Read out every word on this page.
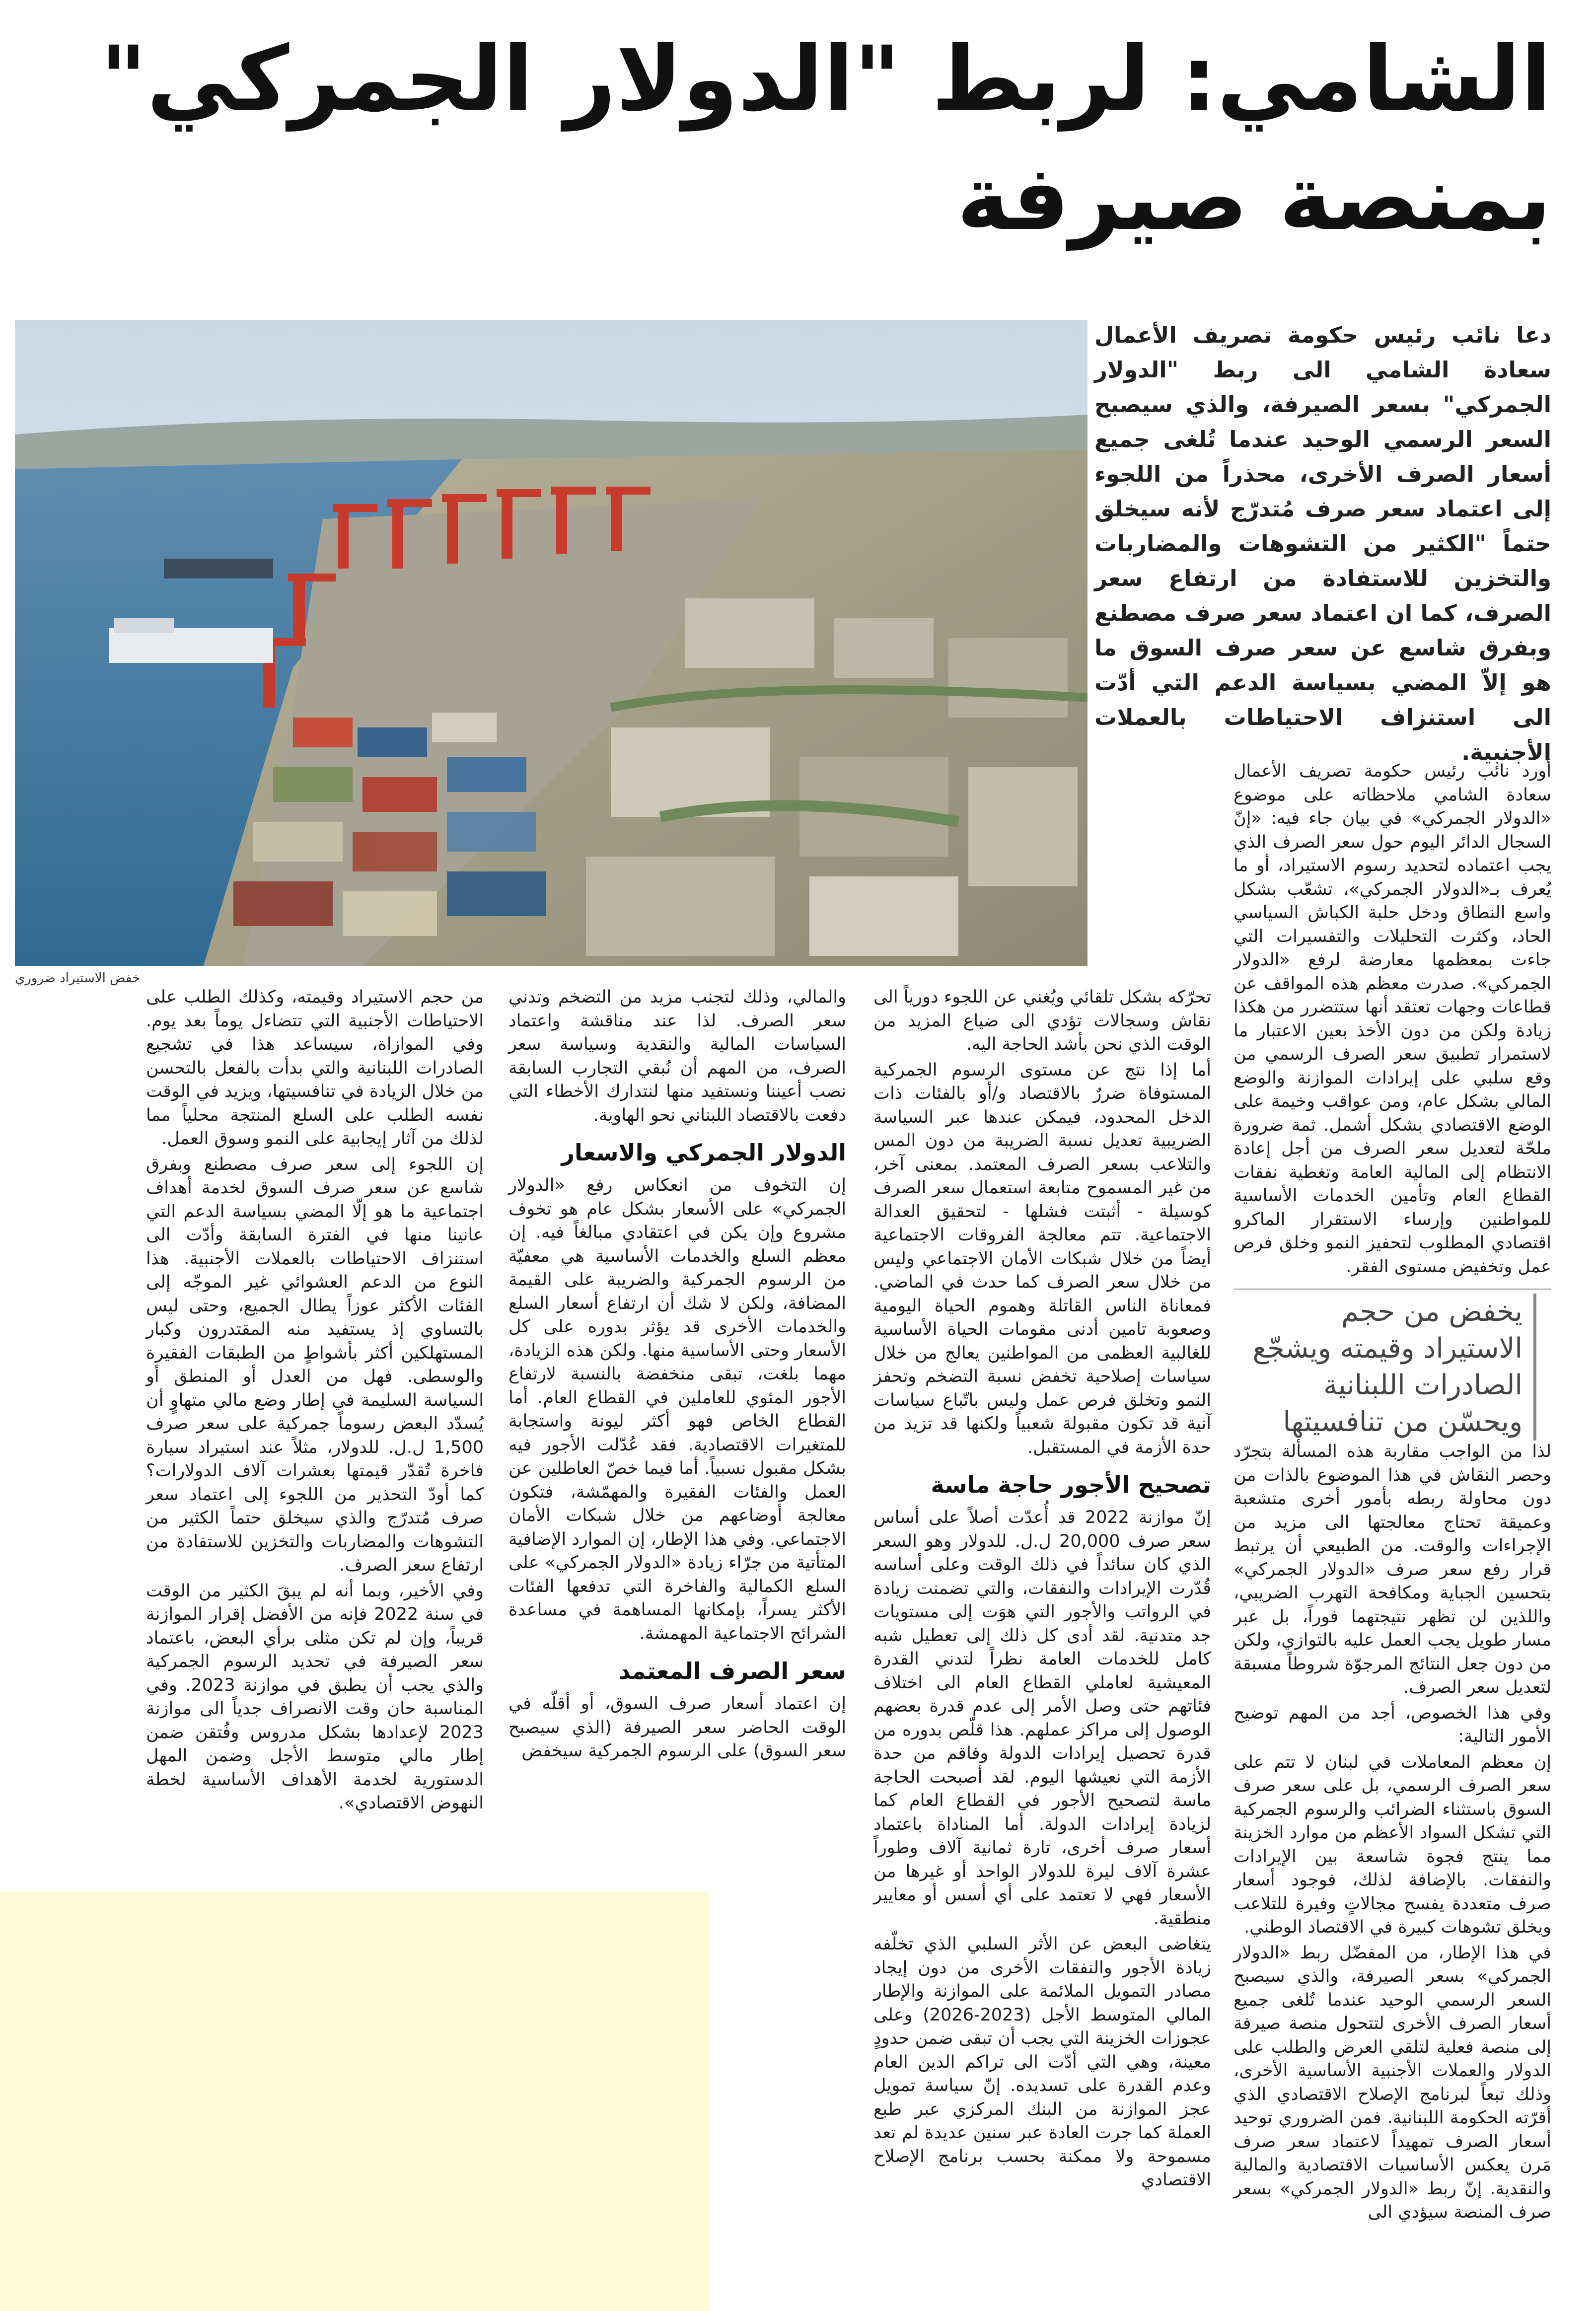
الشامي: لربط "الدولار الجمركي"
بمنصة صيرفة
دعا نائب رئيس حكومة تصريف الأعمال سعادة الشامي الى ربط "الدولار الجمركي" بسعر الصيرفة، والذي سيصبح السعر الرسمي الوحيد عندما تُلغى جميع أسعار الصرف الأخرى، محذراً من اللجوء إلى اعتماد سعر صرف مُتدرّج لأنه سيخلق حتماً "الكثير من التشوهات والمضاربات والتخزين للاستفادة من ارتفاع سعر الصرف، كما ان اعتماد سعر صرف مصطنع وبفرق شاسع عن سعر صرف السوق ما هو إلاّ المضي بسياسة الدعم التي أدّت الى استنزاف الاحتياطات بالعملات الأجنبية.
خفض الاستيراد ضروري

أورد نائب رئيس حكومة تصريف الأعمال سعادة الشامي ملاحظاته على موضوع «الدولار الجمركي» في بيان جاء فيه: «إنّ السجال الدائر اليوم حول سعر الصرف الذي يجب اعتماده لتحديد رسوم الاستيراد، أو ما يُعرف بـ«الدولار الجمركي»، تشعّب بشكل واسع النطاق ودخل حلبة الكباش السياسي الحاد، وكثرت التحليلات والتفسيرات التي جاءت بمعظمها معارضة لرفع «الدولار الجمركي». صدرت معظم هذه المواقف عن قطاعات وجهات تعتقد أنها ستتضرر من هكذا زيادة ولكن من دون الأخذ بعين الاعتبار ما لاستمرار تطبيق سعر الصرف الرسمي من وقع سلبي على إيرادات الموازنة والوضع المالي بشكل عام، ومن عواقب وخيمة على الوضع الاقتصادي بشكل أشمل. ثمة ضرورة ملحّة لتعديل سعر الصرف من أجل إعادة الانتظام إلى المالية العامة وتغطية نفقات القطاع العام وتأمين الخدمات الأساسية للمواطنين وإرساء الاستقرار الماكرو اقتصادي المطلوب لتحفيز النمو وخلق فرص عمل وتخفيض مستوى الفقر.

يخفض من حجم الاستيراد وقيمته ويشجّع الصادرات اللبنانية ويحسّن من تنافسيتها

لذا من الواجب مقاربة هذه المسألة بتجرّد وحصر النقاش في هذا الموضوع بالذات من دون محاولة ربطه بأمور أخرى متشعبة وعميقة تحتاج معالجتها الى مزيد من الإجراءات والوقت. من الطبيعي أن يرتبط قرار رفع سعر صرف «الدولار الجمركي» بتحسين الجباية ومكافحة التهرب الضريبي، واللذين لن تظهر نتيجتهما فوراً، بل عبر مسار طويل يجب العمل عليه بالتوازي، ولكن من دون جعل النتائج المرجوّة شروطاً مسبقة لتعديل سعر الصرف.

وفي هذا الخصوص، أجد من المهم توضيح الأمور التالية:

إن معظم المعاملات في لبنان لا تتم على سعر الصرف الرسمي، بل على سعر صرف السوق باستثناء الضرائب والرسوم الجمركية التي تشكل السواد الأعظم من موارد الخزينة مما ينتج فجوة شاسعة بين الإيرادات والنفقات. بالإضافة لذلك، فوجود أسعار صرف متعددة يفسح مجالاتٍ وفيرة للتلاعب ويخلق تشوهات كبيرة في الاقتصاد الوطني.

في هذا الإطار، من المفضّل ربط «الدولار الجمركي» بسعر الصيرفة، والذي سيصبح السعر الرسمي الوحيد عندما تُلغى جميع أسعار الصرف الأخرى لتتحول منصة صيرفة إلى منصة فعلية لتلقي العرض والطلب على الدولار والعملات الأجنبية الأساسية الأخرى، وذلك تبعاً لبرنامج الإصلاح الاقتصادي الذي أقرّته الحكومة اللبنانية. فمن الضروري توحيد أسعار الصرف تمهيداً لاعتماد سعر صرف مَرن يعكس الأساسيات الاقتصادية والمالية والنقدية. إنّ ربط «الدولار الجمركي» بسعر صرف المنصة سيؤدي الى

تحرّكه بشكل تلقائي ويُغني عن اللجوء دورياً الى نقاش وسجالات تؤدي الى ضياع المزيد من الوقت الذي نحن بأشد الحاجة اليه.

أما إذا نتج عن مستوى الرسوم الجمركية المستوفاة ضررٌ بالاقتصاد و/أو بالفئات ذات الدخل المحدود، فيمكن عندها عبر السياسة الضريبية تعديل نسبة الضريبة من دون المس والتلاعب بسعر الصرف المعتمد. بمعنى آخر، من غير المسموح متابعة استعمال سعر الصرف كوسيلة - أثبتت فشلها - لتحقيق العدالة الاجتماعية. تتم معالجة الفروقات الاجتماعية أيضاً من خلال شبكات الأمان الاجتماعي وليس من خلال سعر الصرف كما حدث في الماضي. فمعاناة الناس القاتلة وهموم الحياة اليومية وصعوبة تامين أدنى مقومات الحياة الأساسية للغالبية العظمى من المواطنين يعالج من خلال سياسات إصلاحية تخفض نسبة التضخم وتحفز النمو وتخلق فرص عمل وليس باتّباع سياسات آنية قد تكون مقبولة شعبياً ولكنها قد تزيد من حدة الأزمة في المستقبل.

تصحيح الأجور حاجة ماسة

إنّ موازنة 2022 قد أُعدّت أصلاً على أساس سعر صرف 20,000 ل.ل. للدولار وهو السعر الذي كان سائداً في ذلك الوقت وعلى أساسه قُدّرت الإيرادات والنفقات، والتي تضمنت زيادة في الرواتب والأجور التي هوَت إلى مستويات جد متدنية. لقد أدى كل ذلك إلى تعطيل شبه كامل للخدمات العامة نظراً لتدني القدرة المعيشية لعاملي القطاع العام الى اختلاف فئاتهم حتى وصل الأمر إلى عدم قدرة بعضهم الوصول إلى مراكز عملهم. هذا قلّص بدوره من قدرة تحصيل إيرادات الدولة وفاقم من حدة الأزمة التي نعيشها اليوم. لقد أصبحت الحاجة ماسة لتصحيح الأجور في القطاع العام كما لزيادة إيرادات الدولة. أما المناداة باعتماد أسعار صرف أخرى، تارة ثمانية آلاف وطوراً عشرة آلاف ليرة للدولار الواحد أو غيرها من الأسعار فهي لا تعتمد على أي أسس أو معايير منطقية.

يتغاضى البعض عن الأثر السلبي الذي تخلّفه زيادة الأجور والنفقات الأخرى من دون إيجاد مصادر التمويل الملائمة على الموازنة والإطار المالي المتوسط الأجل (2023-2026) وعلى عجوزات الخزينة التي يجب أن تبقى ضمن حدودٍ معينة، وهي التي أدّت الى تراكم الدين العام وعدم القدرة على تسديده. إنّ سياسة تمويل عجز الموازنة من البنك المركزي عبر طبع العملة كما جرت العادة عبر سنين عديدة لم تعد مسموحة ولا ممكنة بحسب برنامج الإصلاح الاقتصادي

والمالي، وذلك لتجنب مزيد من التضخم وتدني سعر الصرف. لذا عند مناقشة واعتماد السياسات المالية والنقدية وسياسة سعر الصرف، من المهم أن نُبقي التجارب السابقة نصب أعيننا ونستفيد منها لنتدارك الأخطاء التي دفعت بالاقتصاد اللبناني نحو الهاوية.

الدولار الجمركي والاسعار

إن التخوف من انعكاس رفع «الدولار الجمركي» على الأسعار بشكل عام هو تخوف مشروع وإن يكن في اعتقادي مبالغاً فيه. إن معظم السلع والخدمات الأساسية هي معفيّة من الرسوم الجمركية والضريبة على القيمة المضافة، ولكن لا شك أن ارتفاع أسعار السلع والخدمات الأخرى قد يؤثر بدوره على كل الأسعار وحتى الأساسية منها. ولكن هذه الزيادة، مهما بلغت، تبقى منخفضة بالنسبة لارتفاع الأجور المئوي للعاملين في القطاع العام. أما القطاع الخاص فهو أكثر ليونة واستجابة للمتغيرات الاقتصادية. فقد عُدّلت الأجور فيه بشكل مقبول نسبياً. أما فيما خصّ العاطلين عن العمل والفئات الفقيرة والمهمّشة، فتكون معالجة أوضاعهم من خلال شبكات الأمان الاجتماعي. وفي هذا الإطار، إن الموارد الإضافية المتأتية من جرّاء زيادة «الدولار الجمركي» على السلع الكمالية والفاخرة التي تدفعها الفئات الأكثر يسراً، بإمكانها المساهمة في مساعدة الشرائح الاجتماعية المهمشة.

سعر الصرف المعتمد

إن اعتماد أسعار صرف السوق، أو أقلّه في الوقت الحاضر سعر الصيرفة (الذي سيصبح سعر السوق) على الرسوم الجمركية سيخفض

من حجم الاستيراد وقيمته، وكذلك الطلب على الاحتياطات الأجنبية التي تتضاءل يوماً بعد يوم. وفي الموازاة، سيساعد هذا في تشجيع الصادرات اللبنانية والتي بدأت بالفعل بالتحسن من خلال الزيادة في تنافسيتها، ويزيد في الوقت نفسه الطلب على السلع المنتجة محلياً مما لذلك من آثار إيجابية على النمو وسوق العمل.

إن اللجوء إلى سعر صرف مصطنع وبفرق شاسع عن سعر صرف السوق لخدمة أهداف اجتماعية ما هو إلّا المضي بسياسة الدعم التي عانينا منها في الفترة السابقة وأدّت الى استنزاف الاحتياطات بالعملات الأجنبية. هذا النوع من الدعم العشوائي غير الموجّه إلى الفئات الأكثر عوزاً يطال الجميع، وحتى ليس بالتساوي إذ يستفيد منه المقتدرون وكبار المستهلكين أكثر بأشواطٍ من الطبقات الفقيرة والوسطى. فهل من العدل أو المنطق أو السياسة السليمة في إطار وضع مالي متهاوٍ أن يُسدّد البعض رسوماً جمركية على سعر صرف 1,500 ل.ل. للدولار، مثلاً عند استيراد سيارة فاخرة تُقدّر قيمتها بعشرات آلاف الدولارات؟ كما أودّ التحذير من اللجوء إلى اعتماد سعر صرف مُتدرّج والذي سيخلق حتماً الكثير من التشوهات والمضاربات والتخزين للاستفادة من ارتفاع سعر الصرف.

وفي الأخير، وبما أنه لم يبقَ الكثير من الوقت في سنة 2022 فإنه من الأفضل إقرار الموازنة قريباً، وإن لم تكن مثلى برأي البعض، باعتماد سعر الصيرفة في تحديد الرسوم الجمركية والذي يجب أن يطبق في موازنة 2023. وفي المناسبة حان وقت الانصراف جدياً الى موازنة 2023 لإعدادها بشكل مدروس وفُتقن ضمن إطار مالي متوسط الأجل وضمن المهل الدستورية لخدمة الأهداف الأساسية لخطة النهوض الاقتصادي».
